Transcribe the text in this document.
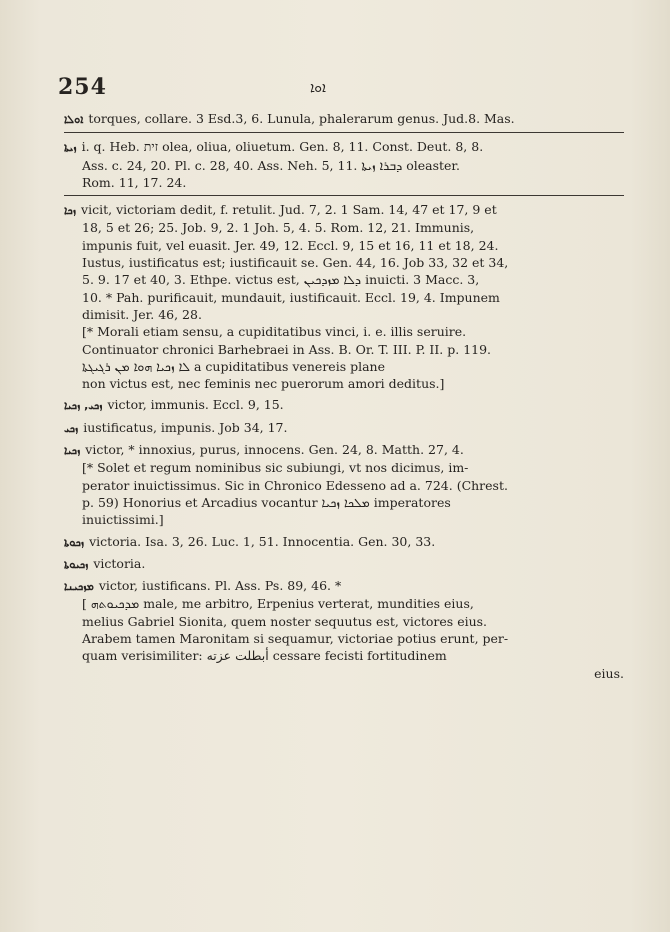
254	ܐܘܐ
ܐܘܠܐ torques, collare. 3 Esd.3, 6. Lunula, phalerarum genus. Jud.8. Mas.
ܙܝܬܐ i. q. Heb. זית olea, oliua, oliuetum. Gen. 8, 11. Const. Deut. 8, 8.
Ass. c. 24, 20. Pl. c. 28, 40. Ass. Neh. 5, 11. ܕܒܪܐ ܙܝܬܐ oleaster.
Rom. 11, 17. 24.
ܙܟܐ vicit, victoriam dedit, f. retulit. Jud. 7, 2. 1 Sam. 14, 47 et 17, 9 et
18, 5 et 26; 25. Job. 9, 2. 1 Joh. 5, 4. 5. Rom. 12, 21. Immunis,
impunis fuit, vel euasit. Jer. 49, 12. Eccl. 9, 15 et 16, 11 et 18, 24.
Iustus, iustificatus est; iustificauit se. Gen. 44, 16. Job 33, 32 et 34,
5. 9. 17 et 40, 3. Ethpe. victus est, ܕܠܐ ܡܙܕܟܝܢ inuicti. 3 Macc. 3,
10. * Pah. purificauit, mundauit, iustificauit. Eccl. 19, 4. Impunem
dimisit. Jer. 46, 28.
[* Morali etiam sensu, a cupiditatibus vinci, i. e. illis seruire.
Continuator chronici Barhebraei in Ass. B. Or. T. III. P. II. p. 119.
ܠܐ ܙܟܝܐ ܗܘܐ ܡܢ ܪܓܝܓܬܐ a cupiditatibus venereis plane
non victus est, nec feminis nec puerorum amori deditus.]
ܙܟܝ, ܙܟܝܐ victor, immunis. Eccl. 9, 15.
ܙܟܝ iustificatus, impunis. Job 34, 17.
ܙܟܝܐ victor, * innoxius, purus, innocens. Gen. 24, 8. Matth. 27, 4.
[* Solet et regum nominibus sic subiungi, vt nos dicimus, im-
perator inuictissimus. Sic in Chronico Edesseno ad a. 724. (Chrest.
p. 59) Honorius et Arcadius vocantur ܡܠܟܐ ܙܟܝܐ imperatores
inuictissimi.]
ܙܟܘܬܐ victoria. Isa. 3, 26. Luc. 1, 51. Innocentia. Gen. 30, 33.
ܙܟܝܘܬܐ victoria.
ܡܙܟܝܢܐ victor, iustificans. Pl. Ass. Ps. 89, 46. *
[ ܡܕܟܝܘܬܗ male, me arbitro, Erpenius verterat, mundities eius,
melius Gabriel Sionita, quem noster sequutus est, victores eius.
Arabem tamen Maronitam si sequamur, victoriae potius erunt, per-
quam verisimiliter: أبطلت عزته cessare fecisti fortitudinem
eius.
